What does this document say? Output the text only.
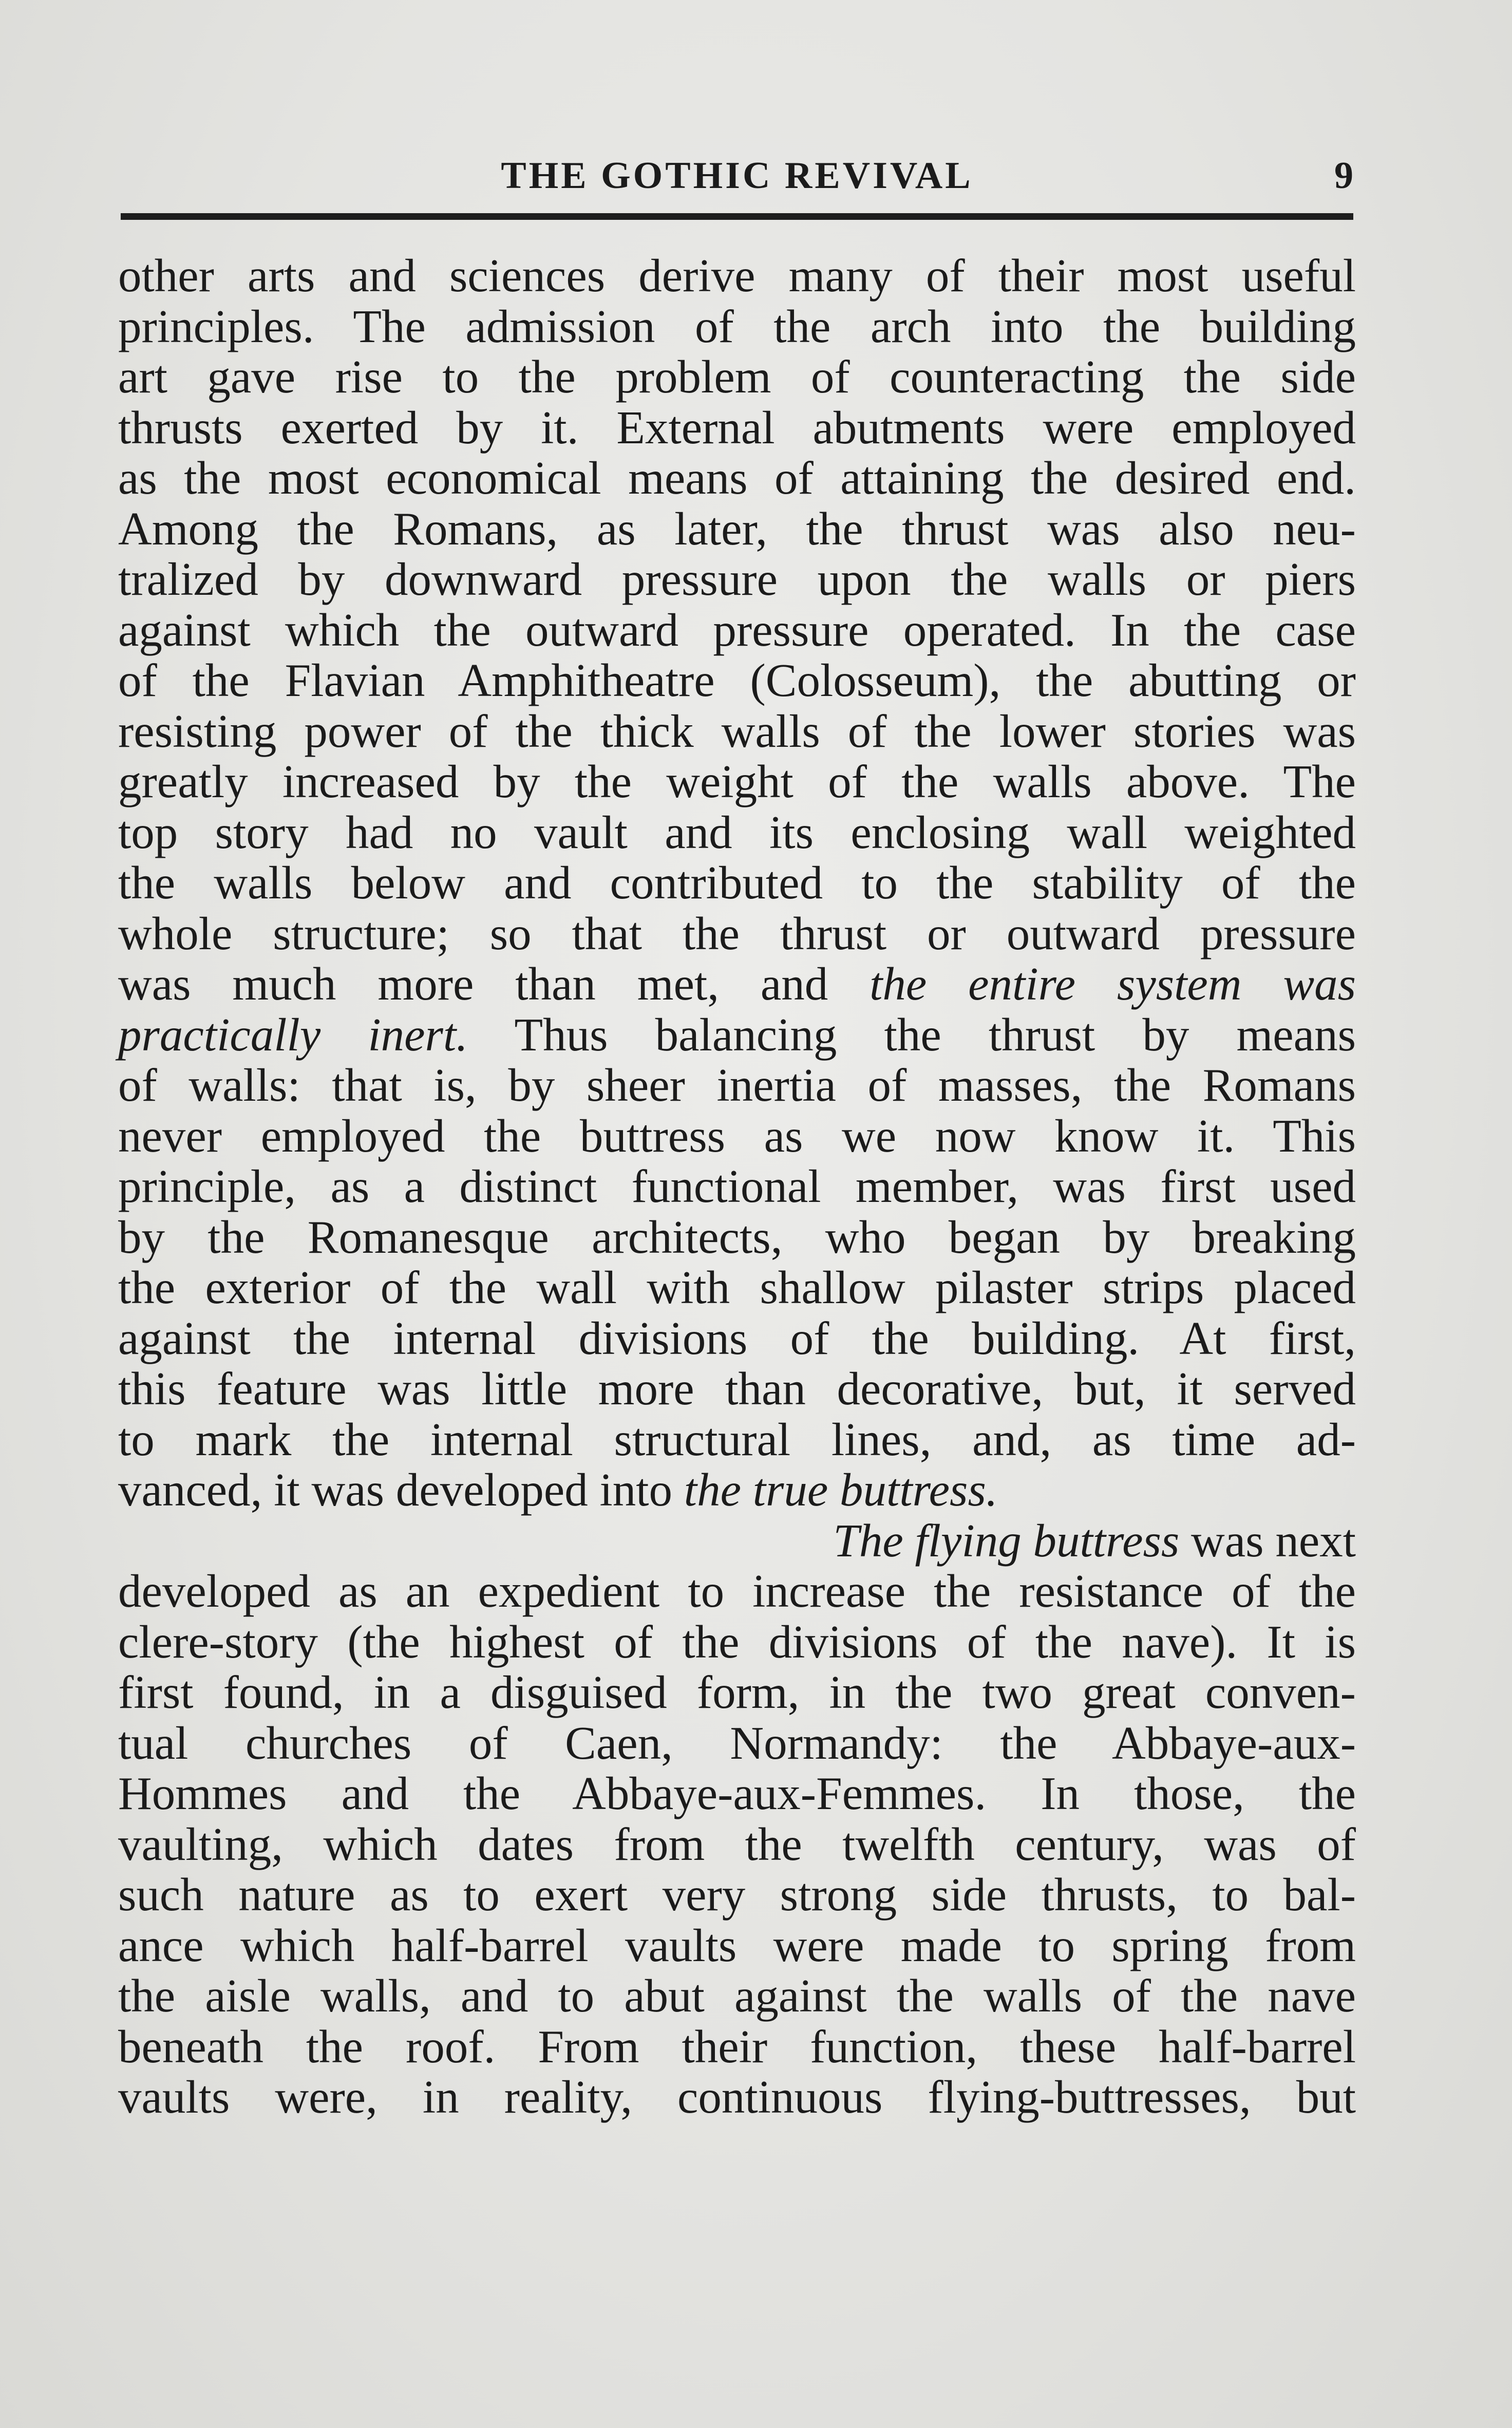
THE GOTHIC REVIVAL	9
other arts and sciences derive many of their most useful
principles. The admission of the arch into the building
art gave rise to the problem of counteracting the side
thrusts exerted by it. External abutments were employed
as the most economical means of attaining the desired end.
Among the Romans, as later, the thrust was also neu-
tralized by downward pressure upon the walls or piers
against which the outward pressure operated. In the case
of the Flavian Amphitheatre (Colosseum), the abutting or
resisting power of the thick walls of the lower stories was
greatly increased by the weight of the walls above. The
top story had no vault and its enclosing wall weighted
the walls below and contributed to the stability of the
whole structure; so that the thrust or outward pressure
was much more than met, and the entire system was
practically inert. Thus balancing the thrust by means
of walls: that is, by sheer inertia of masses, the Romans
never employed the buttress as we now know it. This
principle, as a distinct functional member, was first used
by the Romanesque architects, who began by breaking
the exterior of the wall with shallow pilaster strips placed
against the internal divisions of the building. At first,
this feature was little more than decorative, but, it served
to mark the internal structural lines, and, as time ad-
vanced, it was developed into the true buttress.
The flying buttress was next
developed as an expedient to increase the resistance of the
clere-story (the highest of the divisions of the nave). It is
first found, in a disguised form, in the two great conven-
tual churches of Caen, Normandy: the Abbaye-aux-
Hommes and the Abbaye-aux-Femmes. In those, the
vaulting, which dates from the twelfth century, was of
such nature as to exert very strong side thrusts, to bal-
ance which half-barrel vaults were made to spring from
the aisle walls, and to abut against the walls of the nave
beneath the roof. From their function, these half-barrel
vaults were, in reality, continuous flying-buttresses, but
